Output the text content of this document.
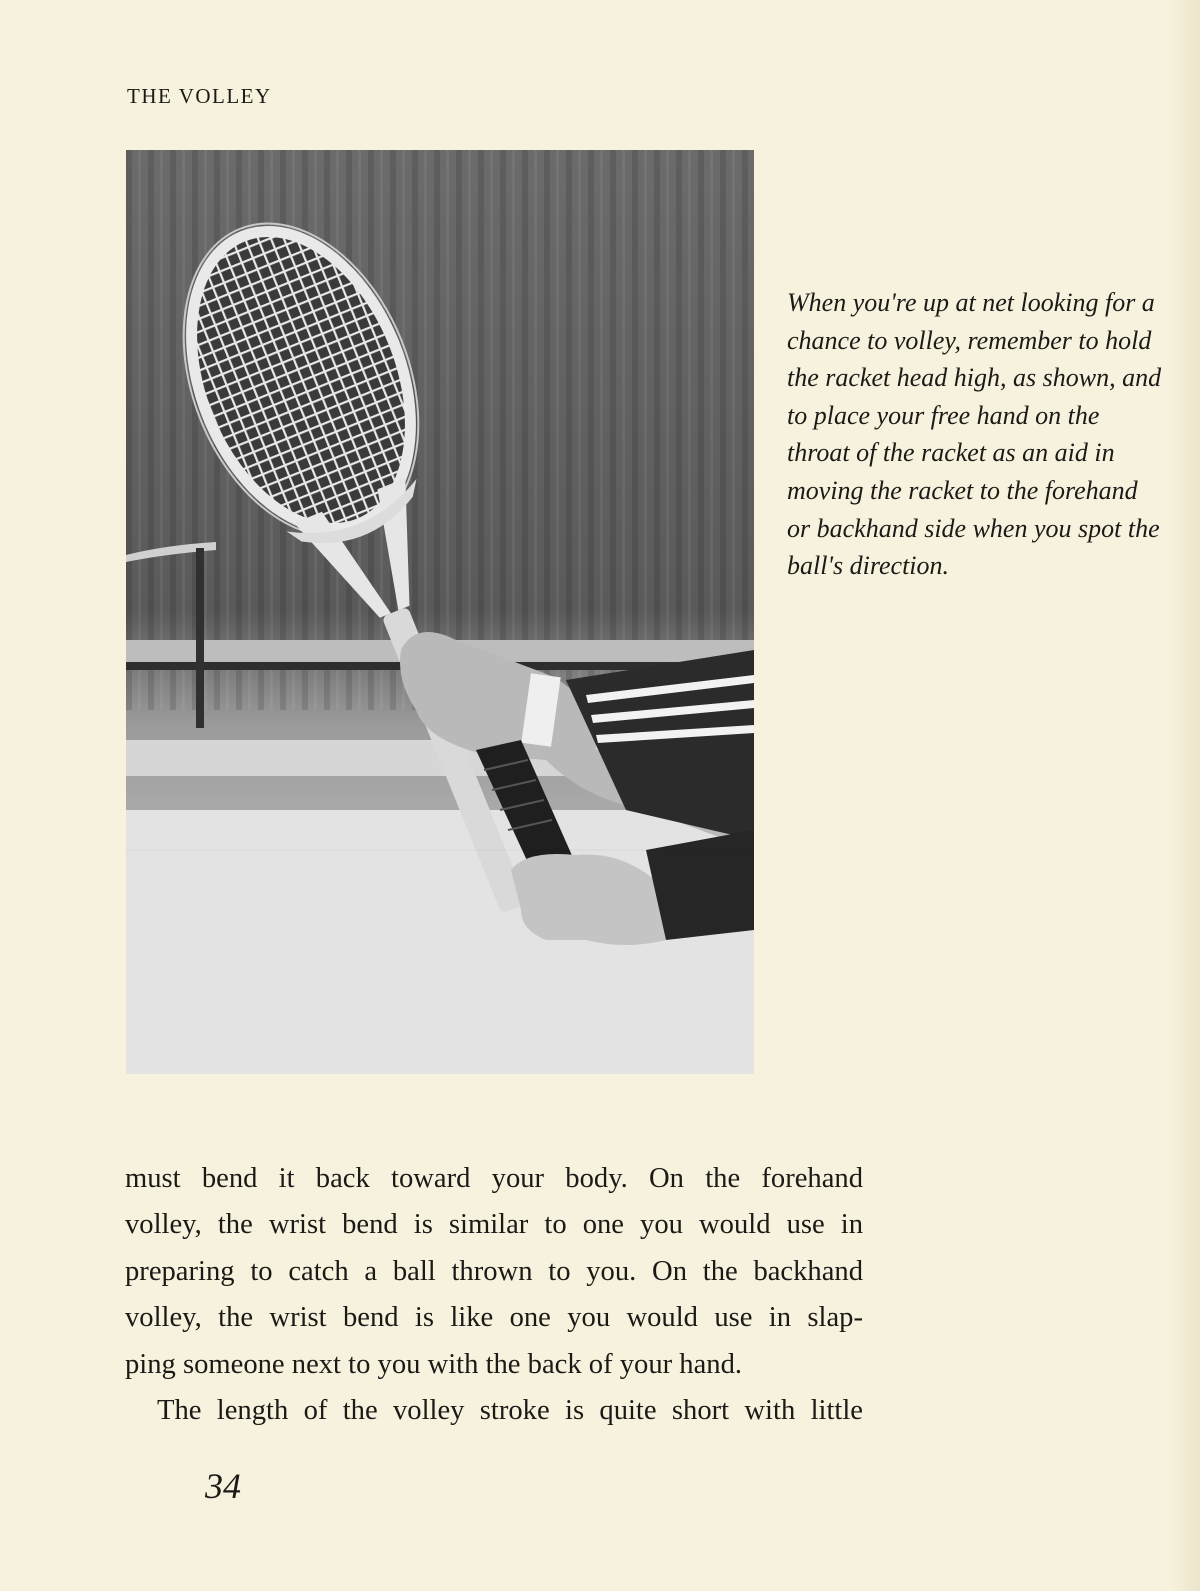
THE VOLLEY
When you're up at net looking for a
chance to volley, remember to hold
the racket head high, as shown, and
to place your free hand on the
throat of the racket as an aid in
moving the racket to the forehand
or backhand side when you spot the
ball's direction.
must bend it back toward your body. On the forehand
volley, the wrist bend is similar to one you would use in
preparing to catch a ball thrown to you. On the backhand
volley, the wrist bend is like one you would use in slap-
ping someone next to you with the back of your hand.
The length of the volley stroke is quite short with little
34
